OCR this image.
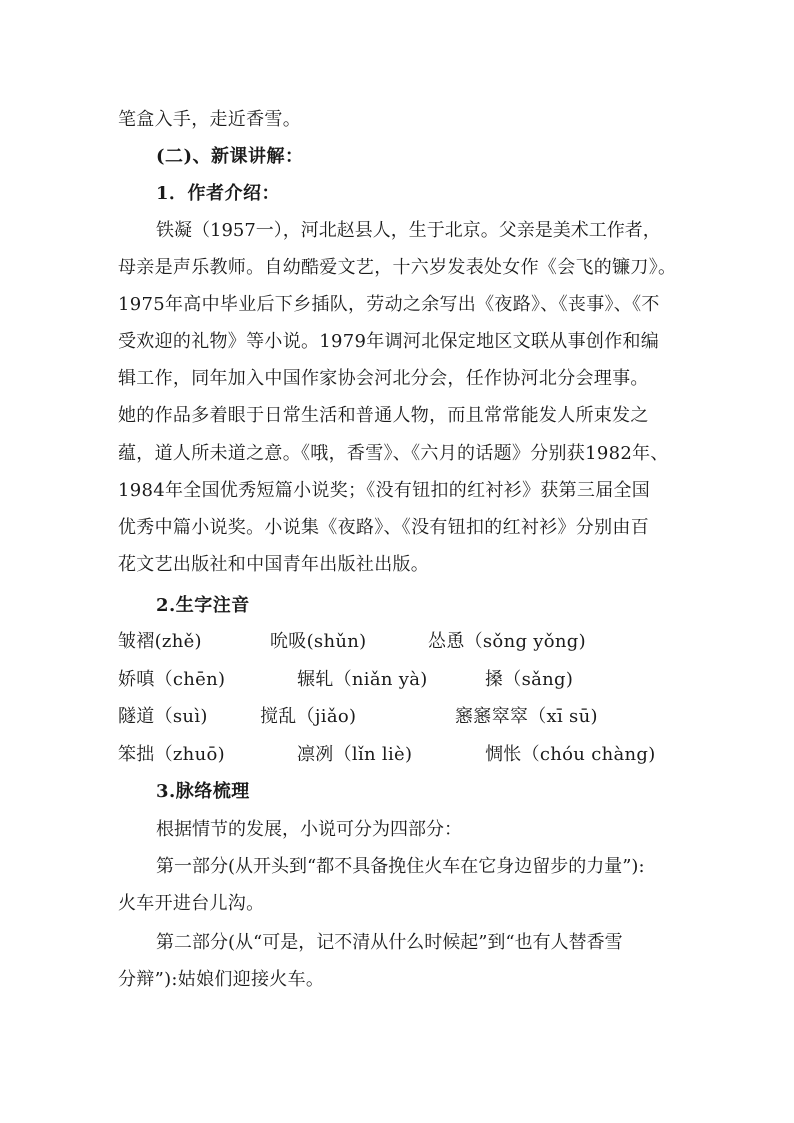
笔盒入手，走近香雪。
(二)、新课讲解：
1．作者介绍：
铁凝（1957一），河北赵县人，生于北京。父亲是美术工作者，
母亲是声乐教师。自幼酷爱文艺，十六岁发表处女作《会飞的镰刀》。
1975年高中毕业后下乡插队，劳动之余写出《夜路》、《丧事》、《不
受欢迎的礼物》等小说。1979年调河北保定地区文联从事创作和编
辑工作，同年加入中国作家协会河北分会，任作协河北分会理事。
她的作品多着眼于日常生活和普通人物，而且常常能发人所束发之
蕴，道人所未道之意。《哦，香雪》、《六月的话题》分别获1982年、
1984年全国优秀短篇小说奖；《没有钮扣的红衬衫》获第三届全国
优秀中篇小说奖。小说集《夜路》、《没有钮扣的红衬衫》分别由百
花文艺出版社和中国青年出版社出版。
2.生字注音
皱褶(zhě)	吮吸(shǔn)	怂恿（sǒng yǒng)
娇嗔（chēn)	辗轧（niǎn yà)	搡（sǎng)
隧道（suì)	搅乱（jiǎo)	窸窸窣窣（xī sū)
笨拙（zhuō)	凛冽（lǐn liè)	惆怅（chóu chàng)
3.脉络梳理
根据情节的发展，小说可分为四部分：
第一部分(从开头到“都不具备挽住火车在它身边留步的力量”):
火车开进台儿沟。
第二部分(从“可是，记不清从什么时候起”到“也有人替香雪
分辩”):姑娘们迎接火车。
